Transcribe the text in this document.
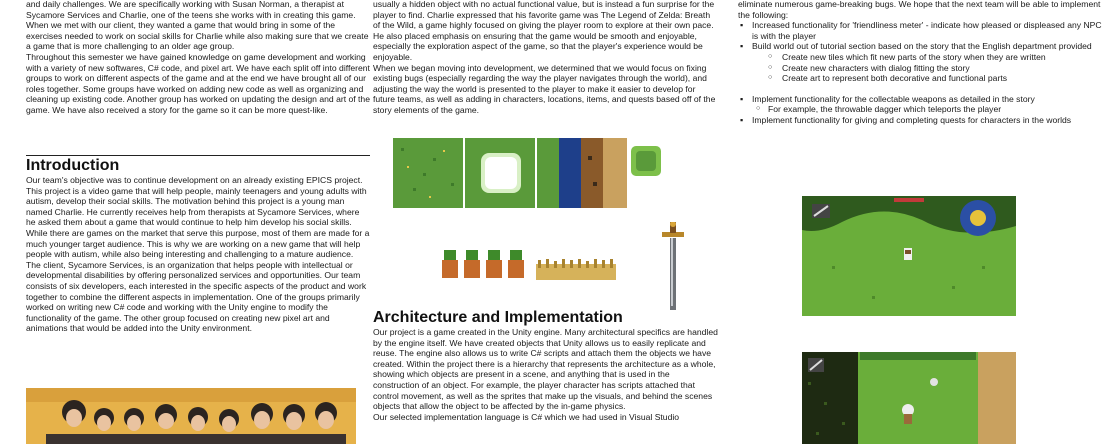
and daily challenges. We are specifically working with Susan Norman, a therapist at Sycamore Services and Charlie, one of the teens she works with in creating this game. When we met with our client, they wanted a game that would bring in some of the exercises needed to work on social skills for Charlie while also making sure that we create a game that is more challenging to an older age group.

Throughout this semester we have gained knowledge on game development and working with a variety of new softwares, C# code, and pixel art. We have each split off into different groups to work on different aspects of the game and at the end we have brought all of our roles together. Some groups have worked on adding new code as well as organizing and cleaning up existing code. Another group has worked on updating the design and art of the game. We have also received a story for the game so it can be more quest-like.

Introduction

Our team's objective was to continue development on an already existing EPICS project. This project is a video game that will help people, mainly teenagers and young adults with autism, develop their social skills. The motivation behind this project is a young man named Charlie. He currently receives help from therapists at Sycamore Services, where he asked them about a game that would continue to help him develop his social skills. While there are games on the market that serve this purpose, most of them are made for a much younger target audience. This is why we are working on a new game that will help people with autism, while also being interesting and challenging to a mature audience.

The client, Sycamore Services, is an organization that helps people with intellectual or developmental disabilities by offering personalized services and opportunities. Our team consists of six developers, each interested in the specific aspects of the product and work together to combine the different aspects in implementation. One of the groups primarily worked on writing new C# code and working with the Unity engine to modify the functionality of the game. The other group focused on creating new pixel art and animations that would be added into the Unity environment.

usually a hidden object with no actual functional value, but is instead a fun surprise for the player to find. Charlie expressed that his favorite game was The Legend of Zelda: Breath of the Wild, a game highly focused on giving the player room to explore at their own pace. He also placed emphasis on ensuring that the game would be smooth and enjoyable, especially the exploration aspect of the game, so that the player's experience would be enjoyable.

When we began moving into development, we determined that we would focus on fixing existing bugs (especially regarding the way the player navigates through the world), and adjusting the way the world is presented to the player to make it easier to develop for future teams, as well as adding in characters, locations, items, and quests based off of the story elements of the game.

Architecture and Implementation

Our project is a game created in the Unity engine. Many architectural specifics are handled by the engine itself. We have created objects that Unity allows us to easily replicate and reuse. The engine also allows us to write C# scripts and attach them the objects we have created. Within the project there is a hierarchy that represents the architecture as a whole, showing which objects are present in a scene, and anything that is used in the construction of an object. For example, the player character has scripts attached that control movement, as well as the sprites that make up the visuals, and behind the scenes objects that allow the object to be affected by the in-game physics.

Our selected implementation language is C# which we had used in Visual Studio

eliminate numerous game-breaking bugs. We hope that the next team will be able to implement the following:

▪ Increased functionality for 'friendliness meter' - indicate how pleased or displeased any NPC is with the player
▪ Build world out of tutorial section based on the story that the English department provided
○ Create new tiles which fit new parts of the story when they are written
○ Create new characters with dialog fitting the story
○ Create art to represent both decorative and functional parts
▪ Implement functionality for the collectable weapons as detailed in the story
○ For example, the throwable dagger which teleports the player
▪ Implement functionality for giving and completing quests for characters in the worlds
